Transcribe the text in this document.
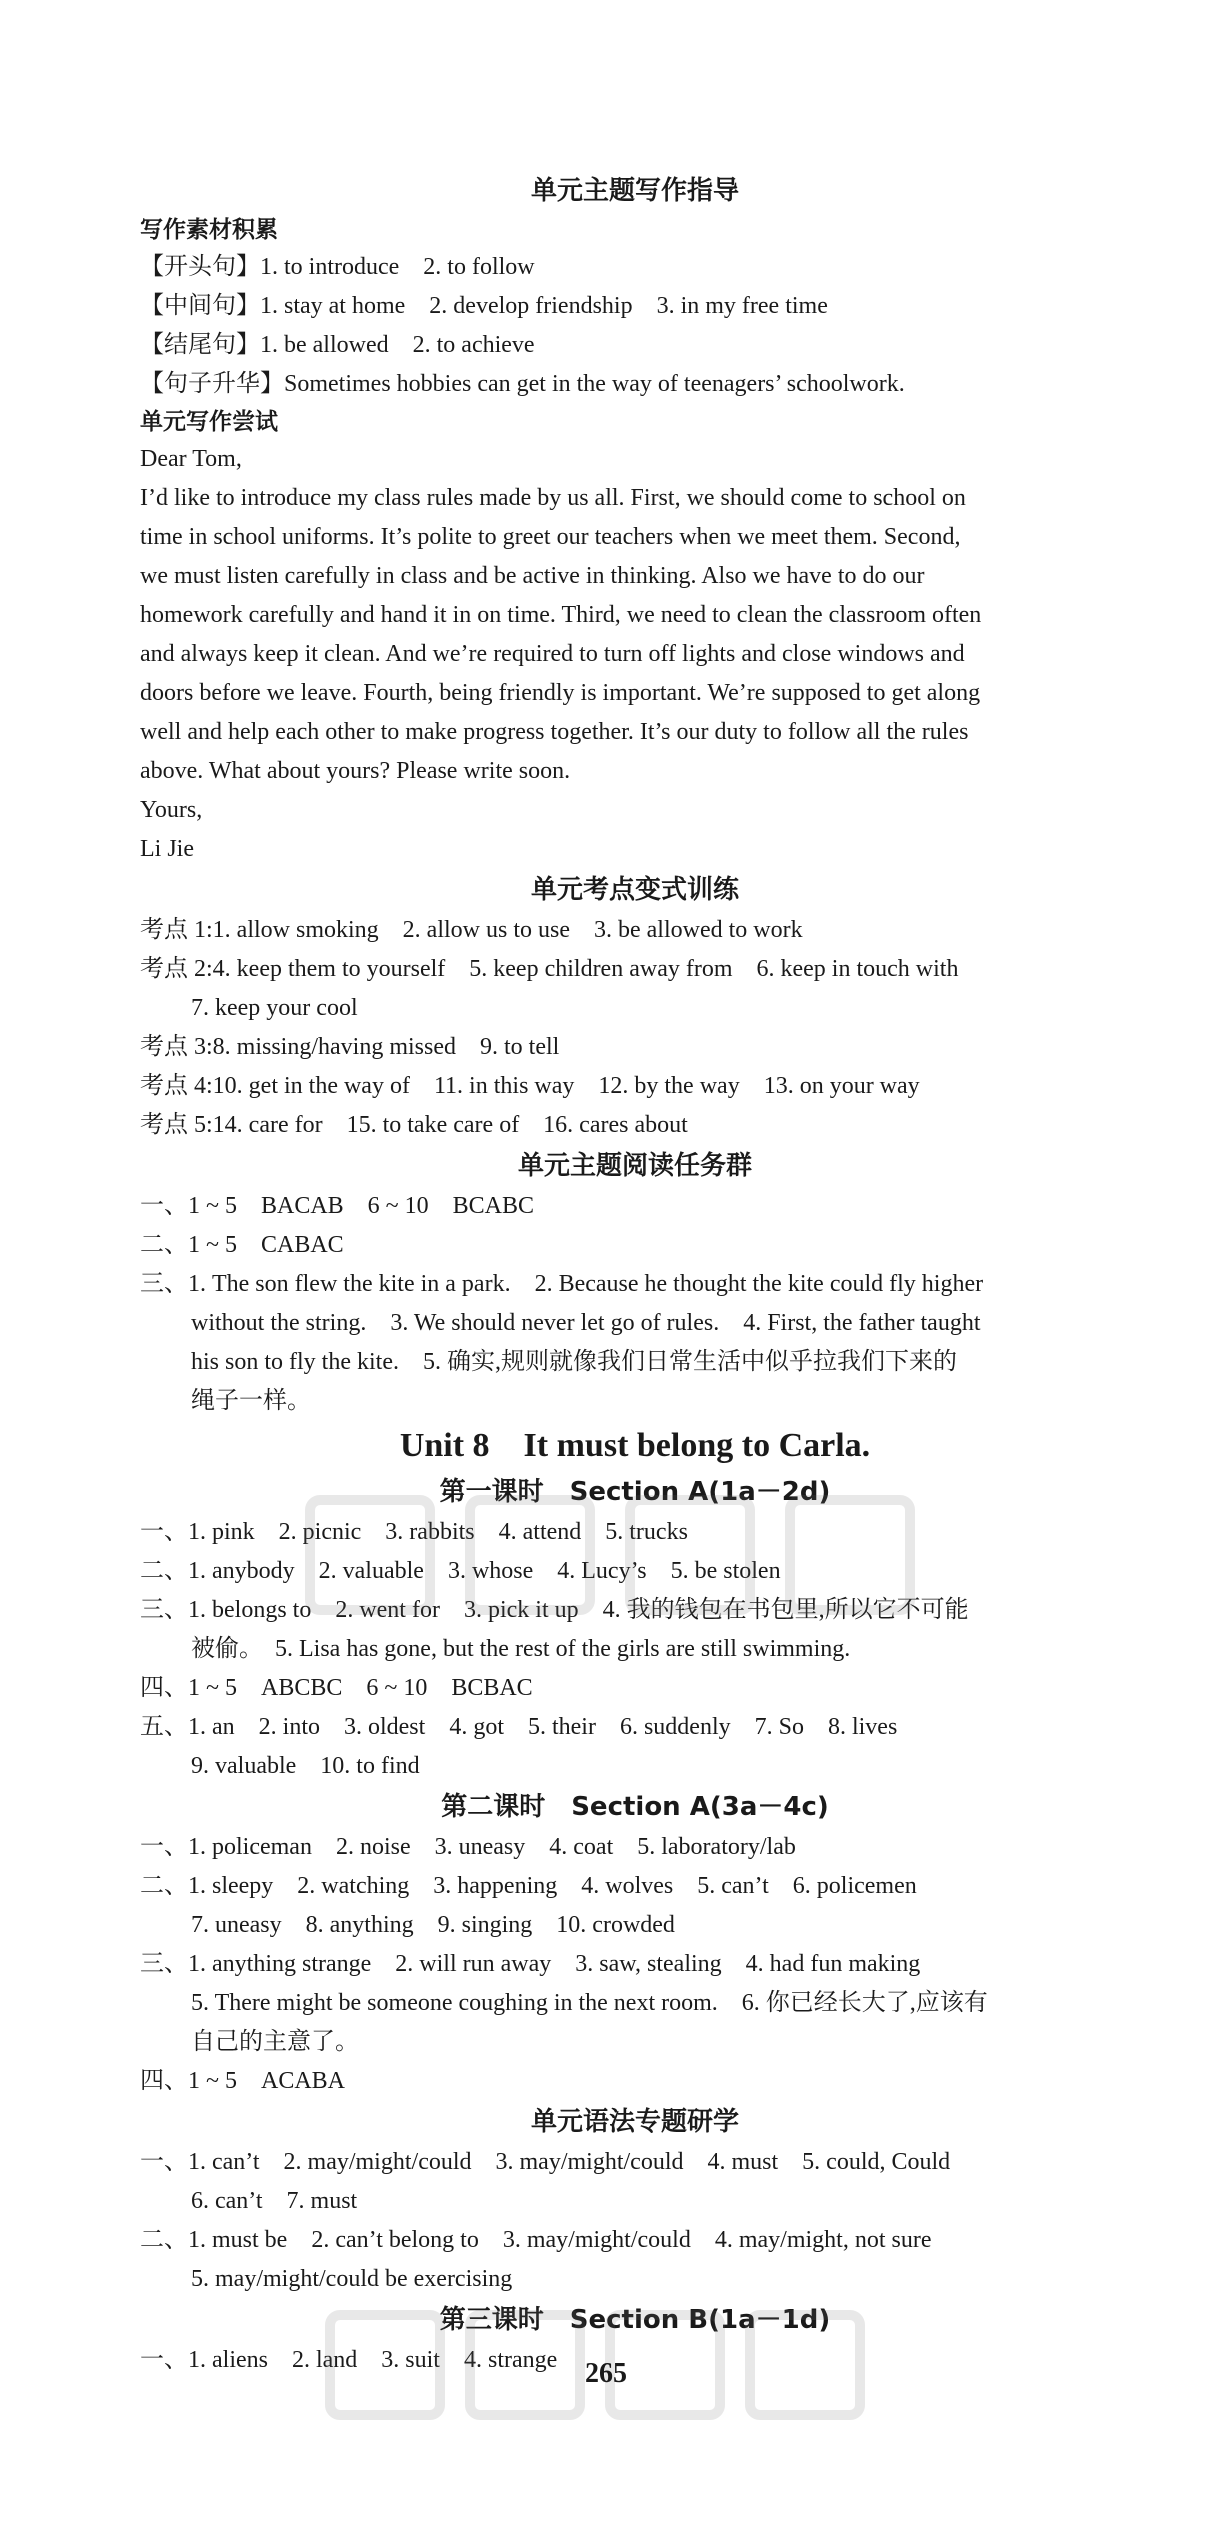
单元主题写作指导
写作素材积累
【开头句】1. to introduce　2. to follow
【中间句】1. stay at home　2. develop friendship　3. in my free time
【结尾句】1. be allowed　2. to achieve
【句子升华】Sometimes hobbies can get in the way of teenagers’ schoolwork.
单元写作尝试
Dear Tom,
I’d like to introduce my class rules made by us all. First, we should come to school on
time in school uniforms. It’s polite to greet our teachers when we meet them. Second,
we must listen carefully in class and be active in thinking. Also we have to do our
homework carefully and hand it in on time. Third, we need to clean the classroom often
and always keep it clean. And we’re required to turn off lights and close windows and
doors before we leave. Fourth, being friendly is important. We’re supposed to get along
well and help each other to make progress together. It’s our duty to follow all the rules
above. What about yours? Please write soon.
Yours,
Li Jie
单元考点变式训练
考点 1:1. allow smoking　2. allow us to use　3. be allowed to work
考点 2:4. keep them to yourself　5. keep children away from　6. keep in touch with
7. keep your cool
考点 3:8. missing/having missed　9. to tell
考点 4:10. get in the way of　11. in this way　12. by the way　13. on your way
考点 5:14. care for　15. to take care of　16. cares about
单元主题阅读任务群
一、1 ~ 5　BACAB　6 ~ 10　BCABC
二、1 ~ 5　CABAC
三、1. The son flew the kite in a park.　2. Because he thought the kite could fly higher
without the string.　3. We should never let go of rules.　4. First, the father taught
his son to fly the kite.　5. 确实,规则就像我们日常生活中似乎拉我们下来的
绳子一样。
Unit 8　It must belong to Carla.
第一课时　Section A(1a－2d)
一、1. pink　2. picnic　3. rabbits　4. attend　5. trucks
二、1. anybody　2. valuable　3. whose　4. Lucy’s　5. be stolen
三、1. belongs to　2. went for　3. pick it up　4. 我的钱包在书包里,所以它不可能
被偷。　5. Lisa has gone, but the rest of the girls are still swimming.
四、1 ~ 5　ABCBC　6 ~ 10　BCBAC
五、1. an　2. into　3. oldest　4. got　5. their　6. suddenly　7. So　8. lives
9. valuable　10. to find
第二课时　Section A(3a－4c)
一、1. policeman　2. noise　3. uneasy　4. coat　5. laboratory/lab
二、1. sleepy　2. watching　3. happening　4. wolves　5. can’t　6. policemen
7. uneasy　8. anything　9. singing　10. crowded
三、1. anything strange　2. will run away　3. saw, stealing　4. had fun making
5. There might be someone coughing in the next room.　6. 你已经长大了,应该有
自己的主意了。
四、1 ~ 5　ACABA
单元语法专题研学
一、1. can’t　2. may/might/could　3. may/might/could　4. must　5. could, Could
6. can’t　7. must
二、1. must be　2. can’t belong to　3. may/might/could　4. may/might, not sure
5. may/might/could be exercising
第三课时　Section B(1a－1d)
一、1. aliens　2. land　3. suit　4. strange 265
